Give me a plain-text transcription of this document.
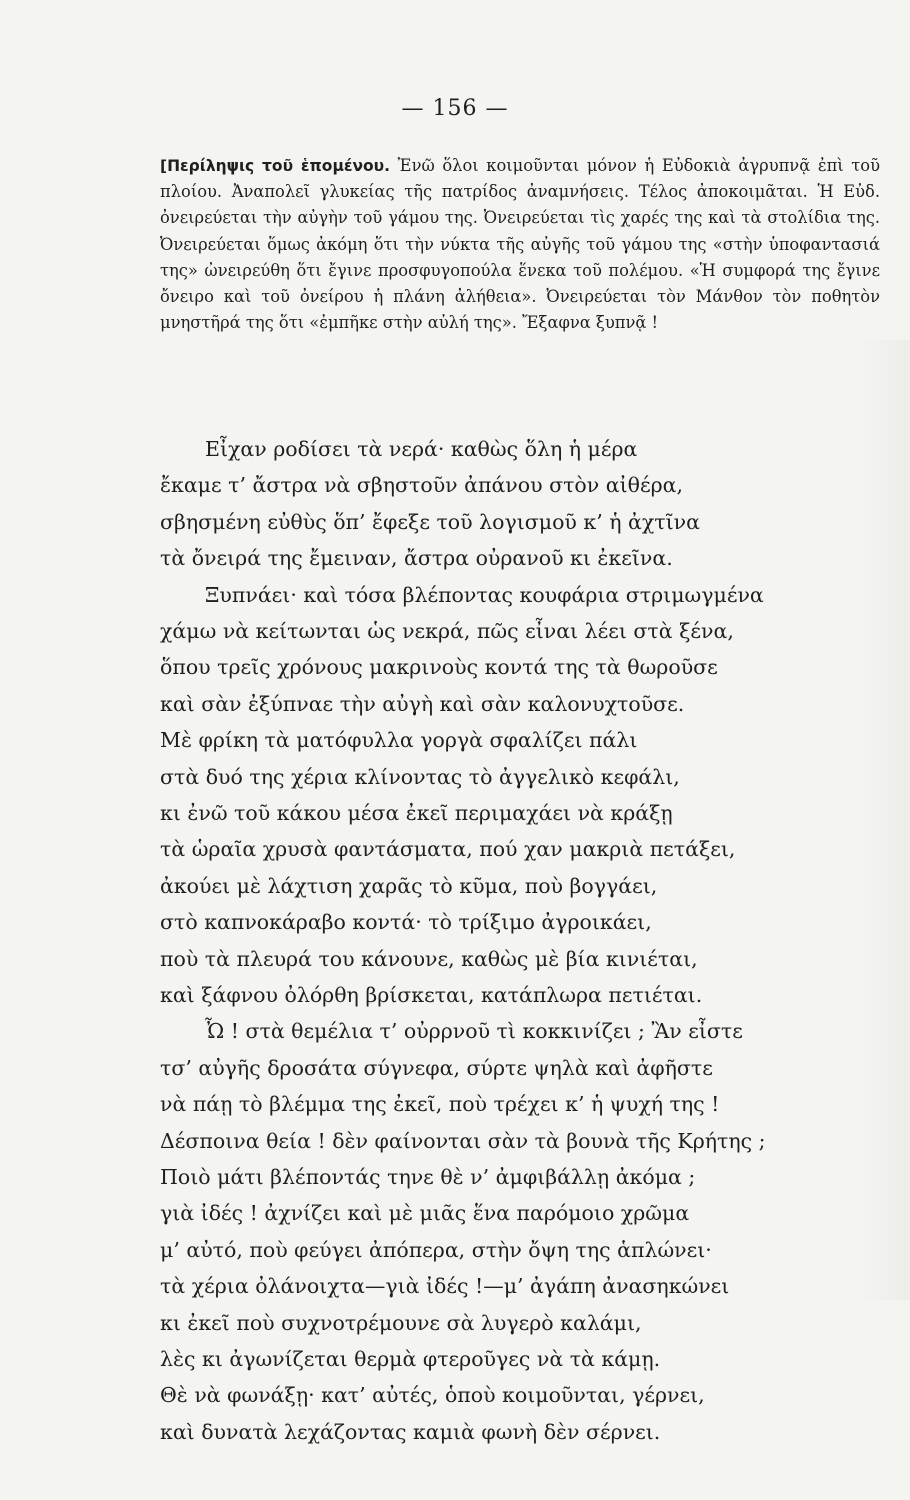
— 156 —
[Περίληψις τοῦ ἑπομένου. Ἐνῶ ὅλοι κοιμοῦνται μόνον ἡ Εὐδοκιὰ ἀγρυπνᾷ ἐπὶ τοῦ πλοίου. Ἀναπολεῖ γλυκείας τῆς πατρίδος ἀναμνήσεις. Τέλος ἀποκοιμᾶται. Ἡ Εὐδ. ὀνειρεύεται τὴν αὐγὴν τοῦ γάμου της. Ὀνειρεύεται τὶς χαρές της καὶ τὰ στολίδια της. Ὀνειρεύεται ὅμως ἀκόμη ὅτι τὴν νύκτα τῆς αὐγῆς τοῦ γάμου της «στὴν ὑποφαντασιά της» ὠνειρεύθη ὅτι ἔγινε προσφυγοπούλα ἕνεκα τοῦ πολέμου. «Ἡ συμφορά της ἔγινε ὄνειρο καὶ τοῦ ὀνείρου ἡ πλάνη ἀλήθεια». Ὀνειρεύεται τὸν Μάνθον τὸν ποθητὸν μνηστῆρά της ὅτι «ἐμπῆκε στὴν αὐλή της». Ἔξαφνα ξυπνᾷ !
Εἶχαν ροδίσει τὰ νερά· καθὼς ὅλη ἡ μέρα
ἔκαμε τ’ ἄστρα νὰ σβηστοῦν ἀπάνου στὸν αἰθέρα,
σβησμένη εὐθὺς ὅπ’ ἔφεξε τοῦ λογισμοῦ κ’ ἡ ἀχτῖνα
τὰ ὄνειρά της ἔμειναν, ἄστρα οὐρανοῦ κι ἐκεῖνα.
Ξυπνάει· καὶ τόσα βλέποντας κουφάρια στριμωγμένα
χάμω νὰ κείτωνται ὡς νεκρά, πῶς εἶναι λέει στὰ ξένα,
ὅπου τρεῖς χρόνους μακρινοὺς κοντά της τὰ θωροῦσε
καὶ σὰν ἐξύπναε τὴν αὐγὴ καὶ σὰν καλονυχτοῦσε.
Μὲ φρίκη τὰ ματόφυλλα γοργὰ σφαλίζει πάλι
στὰ δυό της χέρια κλίνοντας τὸ ἀγγελικὸ κεφάλι,
κι ἐνῶ τοῦ κάκου μέσα ἐκεῖ περιμαχάει νὰ κράξῃ
τὰ ὡραῖα χρυσὰ φαντάσματα, πού χαν μακριὰ πετάξει,
ἀκούει μὲ λάχτιση χαρᾶς τὸ κῦμα, ποὺ βογγάει,
στὸ καπνοκάραβο κοντά· τὸ τρίξιμο ἀγροικάει,
ποὺ τὰ πλευρά του κάνουνε, καθὼς μὲ βία κινιέται,
καὶ ξάφνου ὀλόρθη βρίσκεται, κατάπλωρα πετιέται.
Ὦ ! στὰ θεμέλια τ’ οὐρρνοῦ τὶ κοκκινίζει ; Ἂν εἶστε
τσ’ αὐγῆς δροσάτα σύγνεφα, σύρτε ψηλὰ καὶ ἀφῆστε
νὰ πάῃ τὸ βλέμμα της ἐκεῖ, ποὺ τρέχει κ’ ἡ ψυχή της !
Δέσποινα θεία ! δὲν φαίνονται σὰν τὰ βουνὰ τῆς Κρήτης ;
Ποιὸ μάτι βλέποντάς τηνε θὲ ν’ ἀμφιβάλλῃ ἀκόμα ;
γιὰ ἰδές ! ἀχνίζει καὶ μὲ μιᾶς ἕνα παρόμοιο χρῶμα
μ’ αὐτό, ποὺ φεύγει ἀπόπερα, στὴν ὄψη της ἁπλώνει·
τὰ χέρια ὀλάνοιχτα—γιὰ ἰδές !—μ’ ἀγάπη ἀνασηκώνει
κι ἐκεῖ ποὺ συχνοτρέμουνε σὰ λυγερὸ καλάμι,
λὲς κι ἀγωνίζεται θερμὰ φτεροῦγες νὰ τὰ κάμῃ.
Θὲ νὰ φωνάξῃ· κατ’ αὐτές, ὁποὺ κοιμοῦνται, γέρνει,
καὶ δυνατὰ λεχάζοντας καμιὰ φωνὴ δὲν σέρνει.
